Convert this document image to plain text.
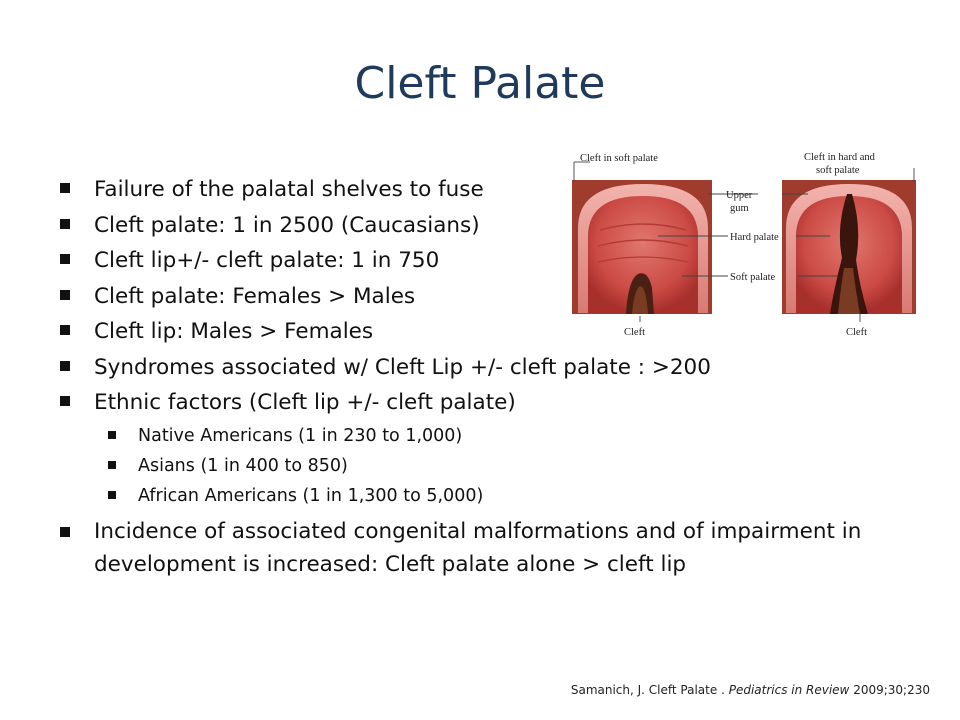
Cleft Palate
Failure of the palatal shelves to fuse
Cleft palate: 1 in 2500 (Caucasians)
Cleft lip+/- cleft palate: 1 in 750
Cleft palate: Females > Males
Cleft lip: Males > Females
Syndromes associated w/ Cleft Lip +/- cleft palate : >200
Ethnic factors (Cleft lip +/- cleft palate)
Native Americans (1 in 230 to 1,000)
Asians (1 in 400 to 850)
African Americans (1 in 1,300 to 5,000)
Incidence of associated congenital malformations and of impairment in development is increased: Cleft palate alone > cleft lip
Cleft in soft palate	Cleft in hard and
soft palate
Upper
gum
Hard palate
Soft palate
Cleft	Cleft
Samanich, J. Cleft Palate . Pediatrics in Review 2009;30;230
